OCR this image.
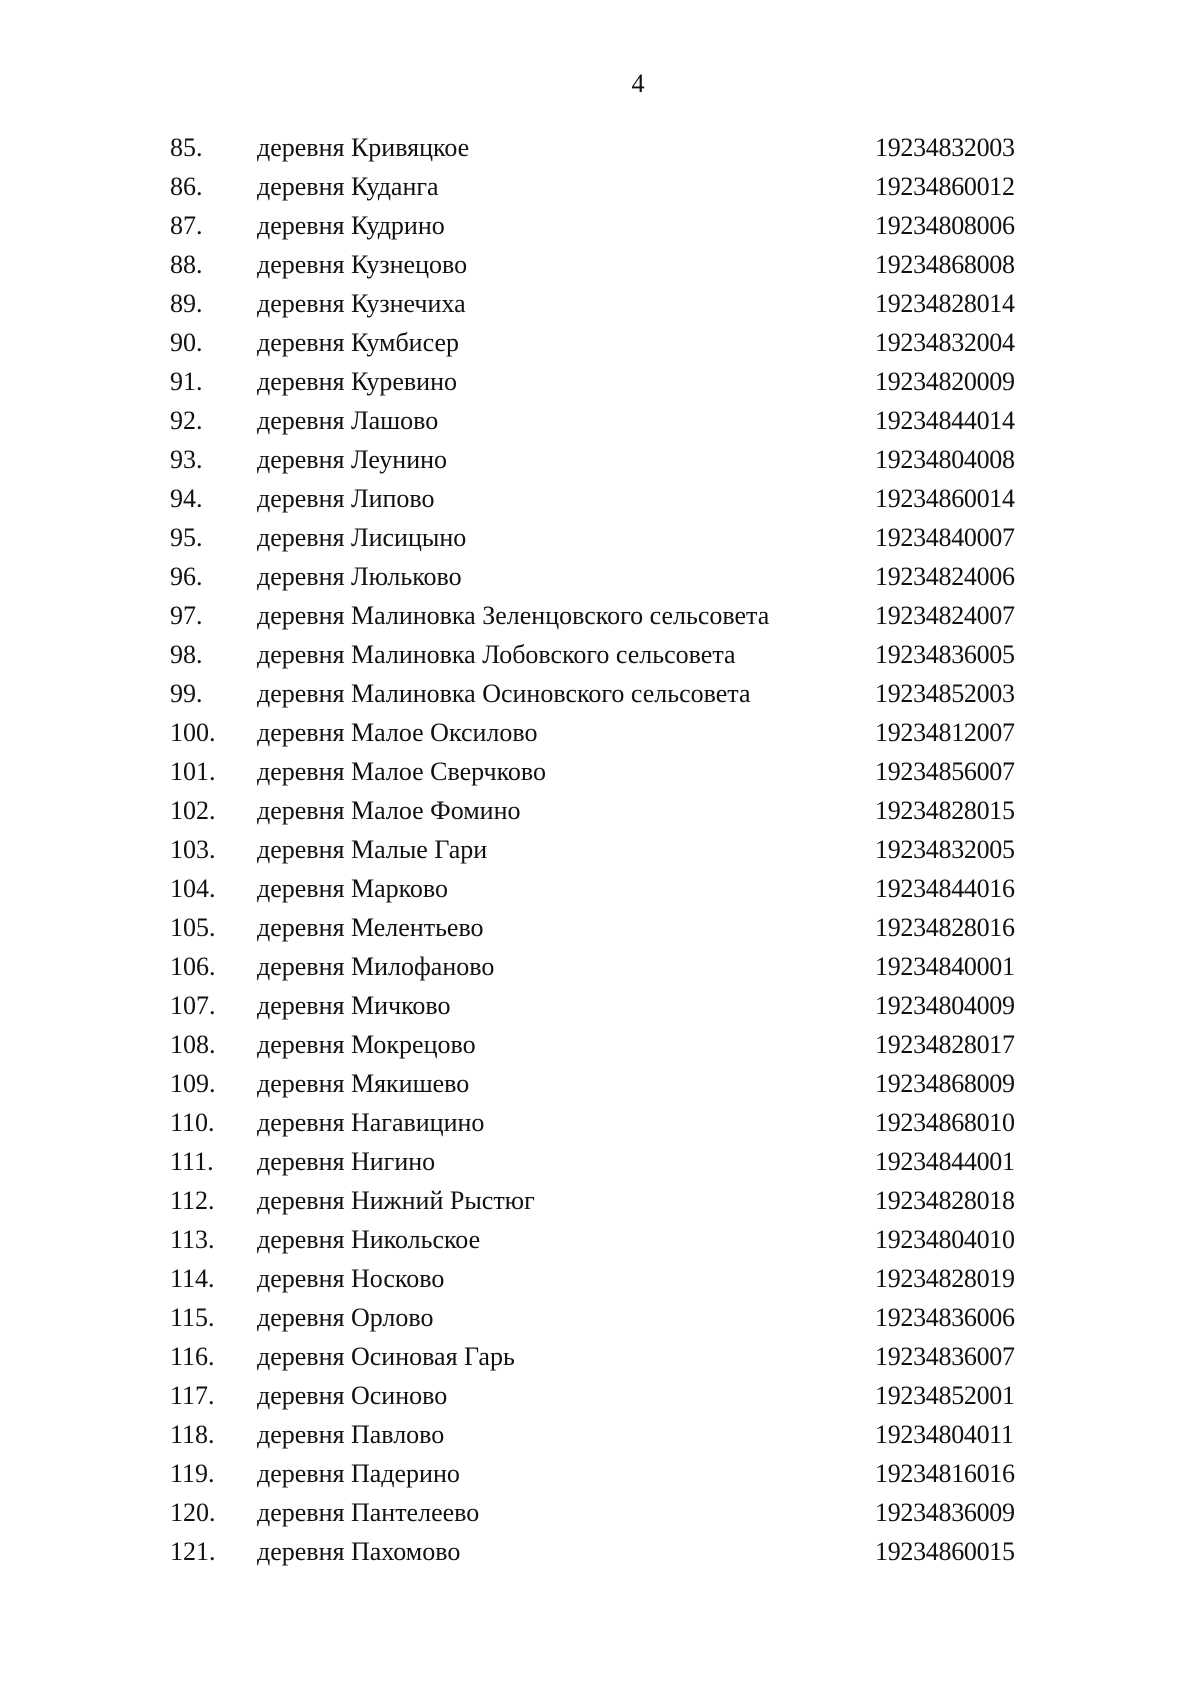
4
85. деревня Кривяцкое	19234832003
86. деревня Куданга	19234860012
87. деревня Кудрино	19234808006
88. деревня Кузнецово	19234868008
89. деревня Кузнечиха	19234828014
90. деревня Кумбисер	19234832004
91. деревня Куревино	19234820009
92. деревня Лашово	19234844014
93. деревня Леунино	19234804008
94. деревня Липово	19234860014
95. деревня Лисицыно	19234840007
96. деревня Люльково	19234824006
97. деревня Малиновка Зеленцовского сельсовета	19234824007
98. деревня Малиновка Лобовского сельсовета	19234836005
99. деревня Малиновка Осиновского сельсовета	19234852003
100. деревня Малое Оксилово	19234812007
101. деревня Малое Сверчково	19234856007
102. деревня Малое Фомино	19234828015
103. деревня Малые Гари	19234832005
104. деревня Марково	19234844016
105. деревня Мелентьево	19234828016
106. деревня Милофаново	19234840001
107. деревня Мичково	19234804009
108. деревня Мокрецово	19234828017
109. деревня Мякишево	19234868009
110. деревня Нагавицино	19234868010
111. деревня Нигино	19234844001
112. деревня Нижний Рыстюг	19234828018
113. деревня Никольское	19234804010
114. деревня Носково	19234828019
115. деревня Орлово	19234836006
116. деревня Осиновая Гарь	19234836007
117. деревня Осиново	19234852001
118. деревня Павлово	19234804011
119. деревня Падерино	19234816016
120. деревня Пантелеево	19234836009
121. деревня Пахомово	19234860015
